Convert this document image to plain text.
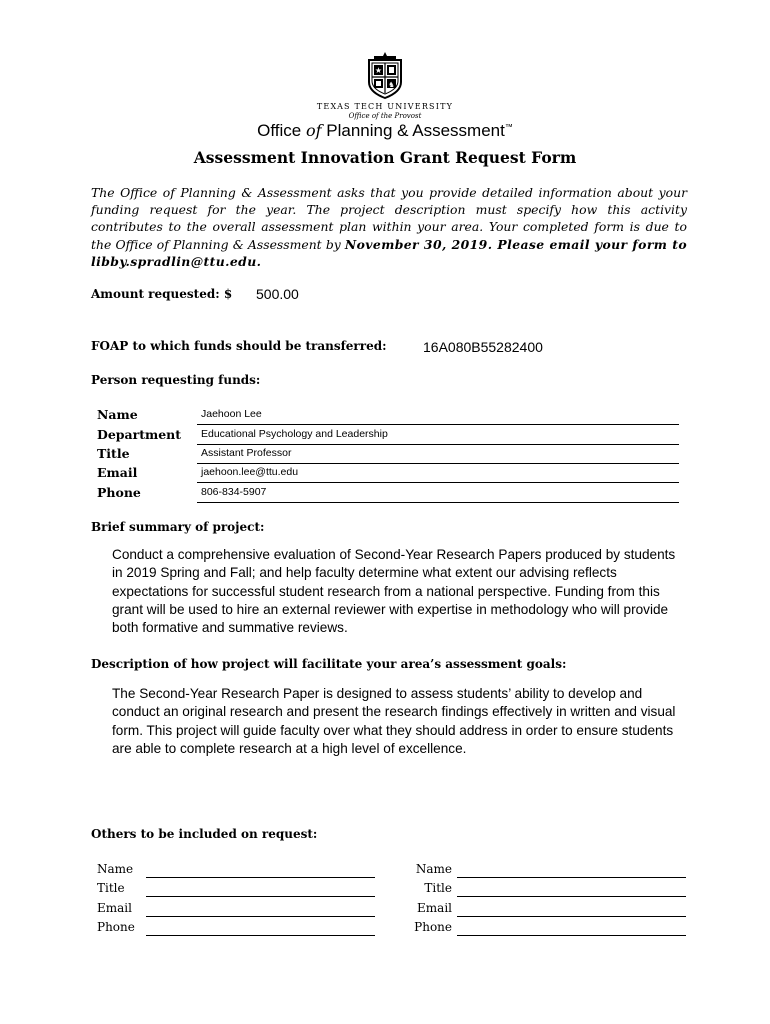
★
♞
TEXAS TECH UNIVERSITY
Office of the Provost
Office of Planning & Assessment™
Assessment Innovation Grant Request Form
The Office of Planning & Assessment asks that you provide detailed information about your funding request for the year. The project description must specify how this activity contributes to the overall assessment plan within your area. Your completed form is due to the Office of Planning & Assessment by November 30, 2019. Please email your form to libby.spradlin@ttu.edu.
Amount requested: $ 500.00
FOAP to which funds should be transferred:	16A080B55282400
Person requesting funds:
Name	Jaehoon Lee
Department Educational Psychology and Leadership
Title	Assistant Professor
Email	jaehoon.lee@ttu.edu
Phone	806-834-5907
Brief summary of project:
Conduct a comprehensive evaluation of Second-Year Research Papers produced by students in 2019 Spring and Fall; and help faculty determine what extent our advising reflects expectations for successful student research from a national perspective. Funding from this grant will be used to hire an external reviewer with expertise in methodology who will provide both formative and summative reviews.
Description of how project will facilitate your area’s assessment goals:
The Second-Year Research Paper is designed to assess students’ ability to develop and conduct an original research and present the research findings effectively in written and visual form. This project will guide faculty over what they should address in order to ensure students are able to complete research at a high level of excellence.
Others to be included on request:
Name
Title
Email
Phone
Name
Title
Email
Phone
